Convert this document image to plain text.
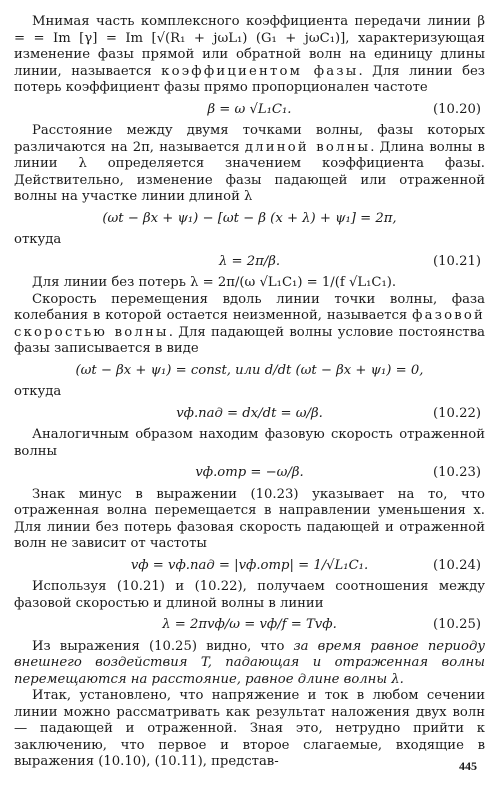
Мнимая часть комплексного коэффициента передачи линии β = = Im [γ] = Im [√(R₁ + jωL₁) (G₁ + jωC₁)], характеризующая изменение фазы прямой или обратной волн на единицу длины линии, называется коэффициентом фазы. Для линии без потерь коэффициент фазы прямо пропорционален частоте

β = ω √L₁C₁.	(10.20)

Расстояние между двумя точками волны, фазы которых различаются на 2π, называется длиной волны. Длина волны в линии λ определяется значением коэффициента фазы. Действительно, изменение фазы падающей или отраженной волны на участке линии длиной λ

(ωt − βx + ψ₁) − [ωt − β (x + λ) + ψ₁] = 2π,

откуда

λ = 2π/β.	(10.21)

Для линии без потерь λ = 2π/(ω √L₁C₁) = 1/(f √L₁C₁).

Скорость перемещения вдоль линии точки волны, фаза колебания в которой остается неизменной, называется фазовой скоростью волны. Для падающей волны условие постоянства фазы записывается в виде

(ωt − βx + ψ₁) = const, или d/dt (ωt − βx + ψ₁) = 0,

откуда

vф.пад = dx/dt = ω/β.	(10.22)

Аналогичным образом находим фазовую скорость отраженной волны

vф.отр = −ω/β.	(10.23)

Знак минус в выражении (10.23) указывает на то, что отраженная волна перемещается в направлении уменьшения x. Для линии без потерь фазовая скорость падающей и отраженной волн не зависит от частоты

vф = vф.пад = |vф.отр| = 1/√L₁C₁.	(10.24)

Используя (10.21) и (10.22), получаем соотношения между фазовой скоростью и длиной волны в линии

λ = 2πvф/ω = vф/f = Tvф.	(10.25)

Из выражения (10.25) видно, что за время равное периоду внешнего воздействия T, падающая и отраженная волны перемещаются на расстояние, равное длине волны λ.

Итак, установлено, что напряжение и ток в любом сечении линии можно рассматривать как результат наложения двух волн — падающей и отраженной. Зная это, нетрудно прийти к заключению, что первое и второе слагаемые, входящие в выражения (10.10), (10.11), представ-	445
